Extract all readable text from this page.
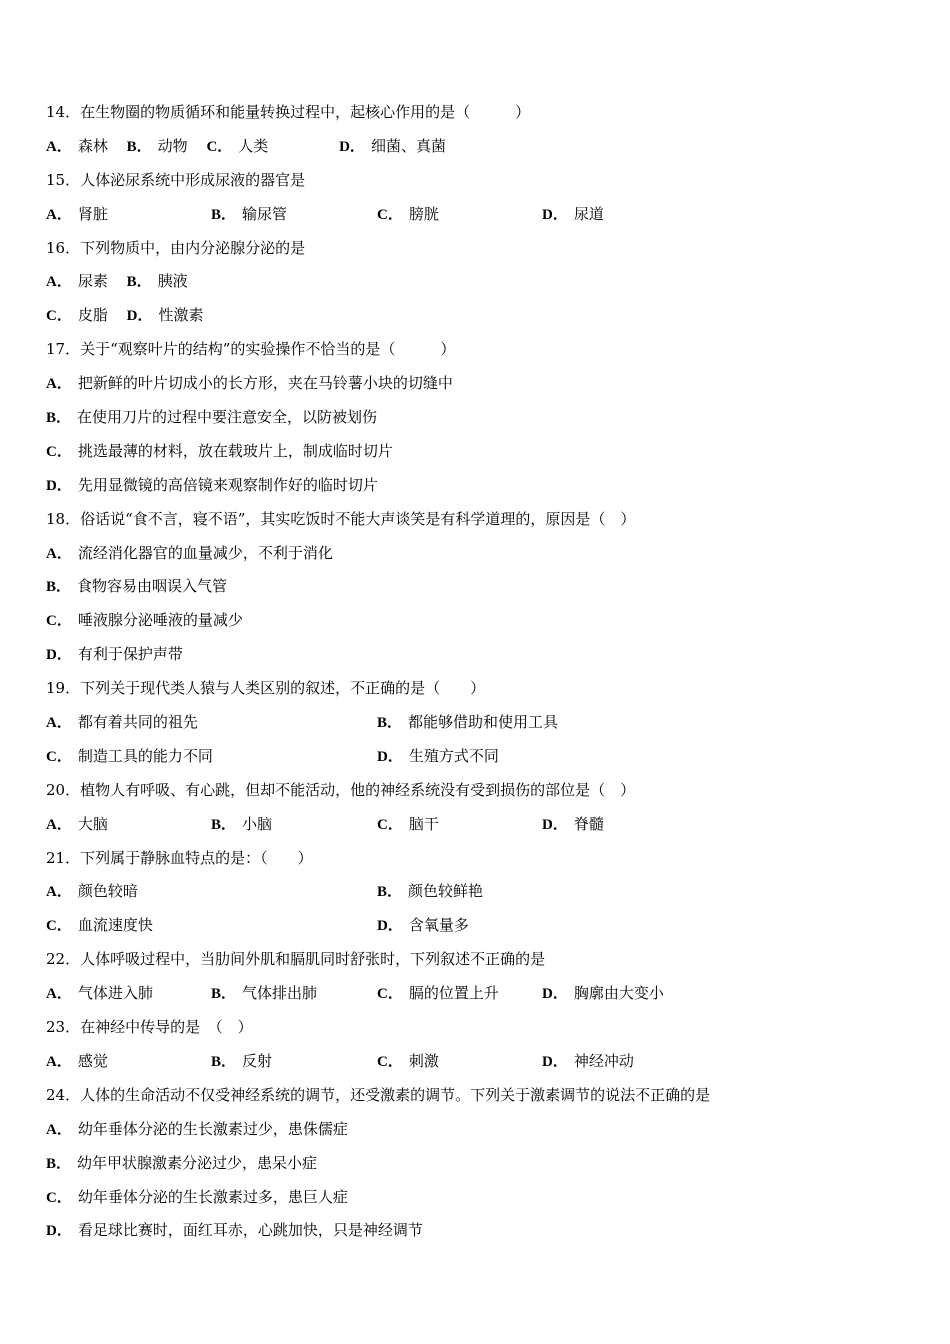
14．在生物圈的物质循环和能量转换过程中，起核心作用的是（　　　）
A． 森林 B． 动物 C． 人类	D． 细菌、真菌
15．人体泌尿系统中形成尿液的器官是
A． 肾脏	B． 输尿管	C． 膀胱	D． 尿道
16．下列物质中，由内分泌腺分泌的是
A． 尿素 B． 胰液
C． 皮脂 D． 性激素
17．关于“观察叶片的结构”的实验操作不恰当的是（　　　）
A． 把新鲜的叶片切成小的长方形，夹在马铃薯小块的切缝中
B． 在使用刀片的过程中要注意安全，以防被划伤
C． 挑选最薄的材料，放在载玻片上，制成临时切片
D． 先用显微镜的高倍镜来观察制作好的临时切片
18．俗话说“食不言，寝不语”，其实吃饭时不能大声谈笑是有科学道理的，原因是（　）
A． 流经消化器官的血量减少，不利于消化
B． 食物容易由咽误入气管
C． 唾液腺分泌唾液的量减少
D． 有利于保护声带
19．下列关于现代类人猿与人类区别的叙述，不正确的是（　　）
A． 都有着共同的祖先	B． 都能够借助和使用工具
C． 制造工具的能力不同	D． 生殖方式不同
20．植物人有呼吸、有心跳，但却不能活动，他的神经系统没有受到损伤的部位是（　）
A． 大脑	B． 小脑	C． 脑干	D． 脊髓
21．下列属于静脉血特点的是：（　　）
A． 颜色较暗	B． 颜色较鲜艳
C． 血流速度快	D． 含氧量多
22．人体呼吸过程中，当肋间外肌和膈肌同时舒张时，下列叙述不正确的是
A． 气体进入肺	B． 气体排出肺	C． 膈的位置上升	D． 胸廓由大变小
23．在神经中传导的是　（　）
A． 感觉	B． 反射	C． 刺激	D． 神经冲动
24．人体的生命活动不仅受神经系统的调节，还受激素的调节。下列关于激素调节的说法不正确的是
A． 幼年垂体分泌的生长激素过少，患侏儒症
B． 幼年甲状腺激素分泌过少，患呆小症
C． 幼年垂体分泌的生长激素过多，患巨人症
D． 看足球比赛时，面红耳赤，心跳加快，只是神经调节
